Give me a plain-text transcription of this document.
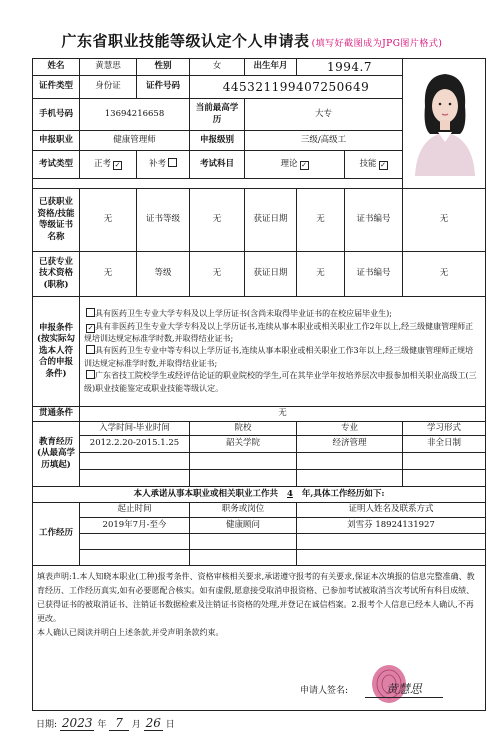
广东省职业技能等级认定个人申请表 (填写好截图成为JPG图片格式)
姓名	黄慧思	性别	女	出生年月	1994.7	
证件类型	身份证	证件号码	445321199407250649				
手机号码	13694216658		当前最高学历	大专			
申报职业	健康管理师		申报级别	三级/高级工			
考试类型	正考 ✓	补考	考试科目	理论 ✓		技能 ✓	

已获职业资格/技能等级证书名称	无	证书等级	无	获证日期	无	证书编号	无
已获专业技术资格(职称)	无	等级	无	获证日期	无	证书编号	无
申报条件(按实际勾选本人符合的申报条件)	具有医药卫生专业大学专科及以上学历证书(含尚未取得毕业证书的在校应届毕业生);
✓ 具有非医药卫生专业大学专科及以上学历证书,连续从事本职业或相关职业工作2年以上,经三级健康管理师正规培训达规定标准学时数,并取得结业证书;
具有医药卫生专业中等专科以上学历证书,连续从事本职业或相关职业工作3年以上,经三级健康管理师正规培训达规定标准学时数,并取得结业证书;
广东省技工院校学生或经评估论证的职业院校的学生,可在其毕业学年按培养层次申报参加相关职业高级工(三级)职业技能鉴定或职业技能等级认定。						

贯通条件	无						
教育经历(从最高学历填起)	入学时间-毕业时间		院校		专业		学习形式
	2012.2.20-2015.1.25		韶关学院		经济管理		非全日制

本人承诺从事本职业或相关职业工作共 4 年,具体工作经历如下:							
工作经历	起止时间		职务或岗位		证明人姓名及联系方式		
	2019年7月-至今		健康顾问		刘雪芬 18924131927		

填表声明:1.本人知晓本职业(工种)报考条件、资格审核相关要求,承诺遵守报考的有关要求,保证本次填报的信息完整准确、教育经历、工作经历真实,如有必要愿配合核实。如有虚假,愿意接受取消申报资格、已参加考试被取消当次考试所有科目成绩、已获得证书的被取消证书、注销证书数据检索及注销证书资格的处理,并登记在诚信档案。2.报考个人信息已经本人确认,不再更改。
本人确认已阅读并明白上述条款,并受声明条款约束。							
申请人签名:	黄慧思
日期: 2023 年 7 月 26 日
